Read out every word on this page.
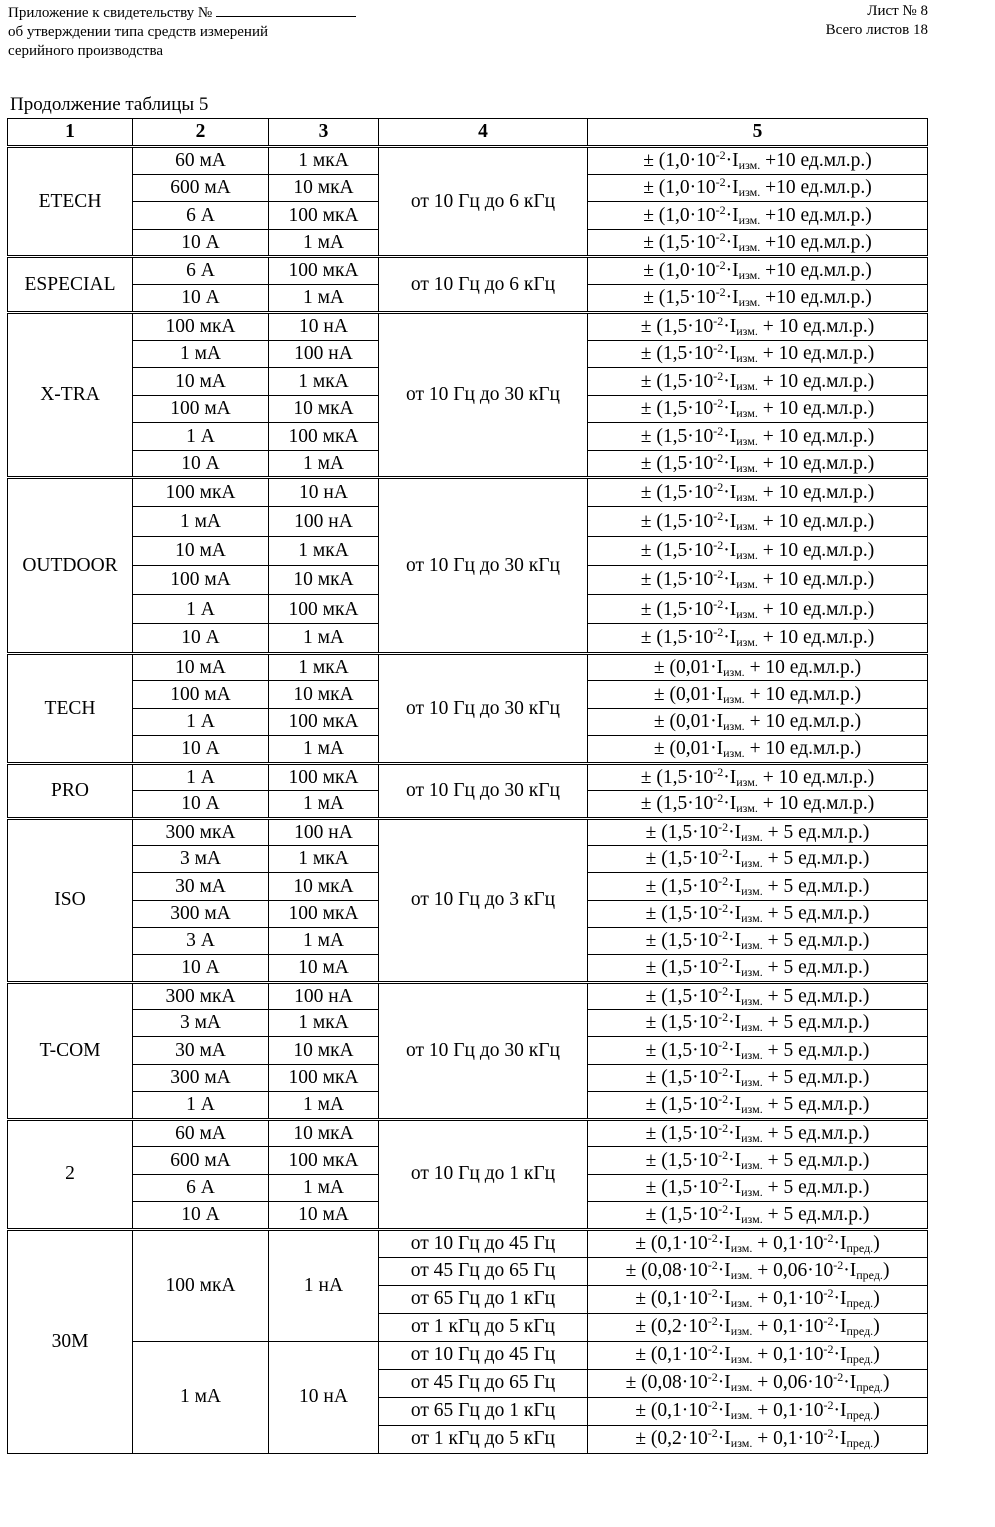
Приложение к свидетельству №
об утверждении типа средств измерений
серийного производства
Лист № 8
Всего листов 18
Продолжение таблицы 5
1	2	3	4	5
ETECH	60 мА	1 мкА	от 10 Гц до 6 кГц	± ($1,0\cdot 10^{-2}\cdot I_{изм.} +10$ ед.мл.р.)
	600 мА	10 мкА		± ($1,0\cdot 10^{-2}\cdot I_{изм.} +10$ ед.мл.р.)
	6 А	100 мкА		± ($1,0\cdot 10^{-2}\cdot I_{изм.} +10$ ед.мл.р.)
	10 А	1 мА		± ($1,5\cdot 10^{-2}\cdot I_{изм.} +10$ ед.мл.р.)
ESPECIAL	6 А	100 мкА	от 10 Гц до 6 кГц	± ($1,0\cdot 10^{-2}\cdot I_{изм.} +10$ ед.мл.р.)
	10 А	1 мА		± ($1,5\cdot 10^{-2}\cdot I_{изм.} +10$ ед.мл.р.)
X-TRA	100 мкА	10 нА	от 10 Гц до 30 кГц	± ($1,5\cdot 10^{-2}\cdot I_{изм.} + 10$ ед.мл.р.)
	1 мА	100 нА		± ($1,5\cdot 10^{-2}\cdot I_{изм.} + 10$ ед.мл.р.)
	10 мА	1 мкА		± ($1,5\cdot 10^{-2}\cdot I_{изм.} + 10$ ед.мл.р.)
	100 мА	10 мкА		± ($1,5\cdot 10^{-2}\cdot I_{изм.} + 10$ ед.мл.р.)
	1 А	100 мкА		± ($1,5\cdot 10^{-2}\cdot I_{изм.} + 10$ ед.мл.р.)
	10 А	1 мА		± ($1,5\cdot 10^{-2}\cdot I_{изм.} + 10$ ед.мл.р.)
OUTDOOR	100 мкА	10 нА	от 10 Гц до 30 кГц	± ($1,5\cdot 10^{-2}\cdot I_{изм.} + 10$ ед.мл.р.)
	1 мА	100 нА		± ($1,5\cdot 10^{-2}\cdot I_{изм.} + 10$ ед.мл.р.)
	10 мА	1 мкА		± ($1,5\cdot 10^{-2}\cdot I_{изм.} + 10$ ед.мл.р.)
	100 мА	10 мкА		± ($1,5\cdot 10^{-2}\cdot I_{изм.} + 10$ ед.мл.р.)
	1 А	100 мкА		± ($1,5\cdot 10^{-2}\cdot I_{изм.} + 10$ ед.мл.р.)
	10 А	1 мА		± ($1,5\cdot 10^{-2}\cdot I_{изм.} + 10$ ед.мл.р.)
TECH	10 мА	1 мкА	от 10 Гц до 30 кГц	± ($0,01\cdot I_{изм.} + 10$ ед.мл.р.)
	100 мА	10 мкА		± ($0,01\cdot I_{изм.} + 10$ ед.мл.р.)
	1 А	100 мкА		± ($0,01\cdot I_{изм.} + 10$ ед.мл.р.)
	10 А	1 мА		± ($0,01\cdot I_{изм.} + 10$ ед.мл.р.)
PRO	1 А	100 мкА	от 10 Гц до 30 кГц	± ($1,5\cdot 10^{-2}\cdot I_{изм.} + 10$ ед.мл.р.)
	10 А	1 мА		± ($1,5\cdot 10^{-2}\cdot I_{изм.} + 10$ ед.мл.р.)
ISO	300 мкА	100 нА	от 10 Гц до 3 кГц	± ($1,5\cdot 10^{-2}\cdot I_{изм.} + 5$ ед.мл.р.)
	3 мА	1 мкА		± ($1,5\cdot 10^{-2}\cdot I_{изм.} + 5$ ед.мл.р.)
	30 мА	10 мкА		± ($1,5\cdot 10^{-2}\cdot I_{изм.} + 5$ ед.мл.р.)
	300 мА	100 мкА		± ($1,5\cdot 10^{-2}\cdot I_{изм.} + 5$ ед.мл.р.)
	3 А	1 мА		± ($1,5\cdot 10^{-2}\cdot I_{изм.} + 5$ ед.мл.р.)
	10 А	10 мА		± ($1,5\cdot 10^{-2}\cdot I_{изм.} + 5$ ед.мл.р.)
T-COM	300 мкА	100 нА	от 10 Гц до 30 кГц	± ($1,5\cdot 10^{-2}\cdot I_{изм.} + 5$ ед.мл.р.)
	3 мА	1 мкА		± ($1,5\cdot 10^{-2}\cdot I_{изм.} + 5$ ед.мл.р.)
	30 мА	10 мкА		± ($1,5\cdot 10^{-2}\cdot I_{изм.} + 5$ ед.мл.р.)
	300 мА	100 мкА		± ($1,5\cdot 10^{-2}\cdot I_{изм.} + 5$ ед.мл.р.)
	1 А	1 мА		± ($1,5\cdot 10^{-2}\cdot I_{изм.} + 5$ ед.мл.р.)
2	60 мА	10 мкА	от 10 Гц до 1 кГц	± ($1,5\cdot 10^{-2}\cdot I_{изм.} + 5$ ед.мл.р.)
	600 мА	100 мкА		± ($1,5\cdot 10^{-2}\cdot I_{изм.} + 5$ ед.мл.р.)
	6 А	1 мА		± ($1,5\cdot 10^{-2}\cdot I_{изм.} + 5$ ед.мл.р.)
	10 А	10 мА		± ($1,5\cdot 10^{-2}\cdot I_{изм.} + 5$ ед.мл.р.)
30M	100 мкА	1 нА	от 10 Гц до 45 Гц	± $(0,1\cdot 10^{-2}\cdot I_{изм.} + 0,1\cdot 10^{-2}\cdot I_{пред.})$
			от 45 Гц до 65 Гц	± $(0,08\cdot 10^{-2}\cdot I_{изм.} + 0,06\cdot 10^{-2}\cdot I_{пред.})$
			от 65 Гц до 1 кГц	± $(0,1\cdot 10^{-2}\cdot I_{изм.} + 0,1\cdot 10^{-2}\cdot I_{пред.})$
			от 1 кГц до 5 кГц	± $(0,2\cdot 10^{-2}\cdot I_{изм.} + 0,1\cdot 10^{-2}\cdot I_{пред.})$
	1 мА	10 нА	от 10 Гц до 45 Гц	± $(0,1\cdot 10^{-2}\cdot I_{изм.} + 0,1\cdot 10^{-2}\cdot I_{пред.})$
			от 45 Гц до 65 Гц	± $(0,08\cdot 10^{-2}\cdot I_{изм.} + 0,06\cdot 10^{-2}\cdot I_{пред.})$
			от 65 Гц до 1 кГц	± $(0,1\cdot 10^{-2}\cdot I_{изм.} + 0,1\cdot 10^{-2}\cdot I_{пред.})$
			от 1 кГц до 5 кГц	± $(0,2\cdot 10^{-2}\cdot I_{изм.} + 0,1\cdot 10^{-2}\cdot I_{пред.})$
